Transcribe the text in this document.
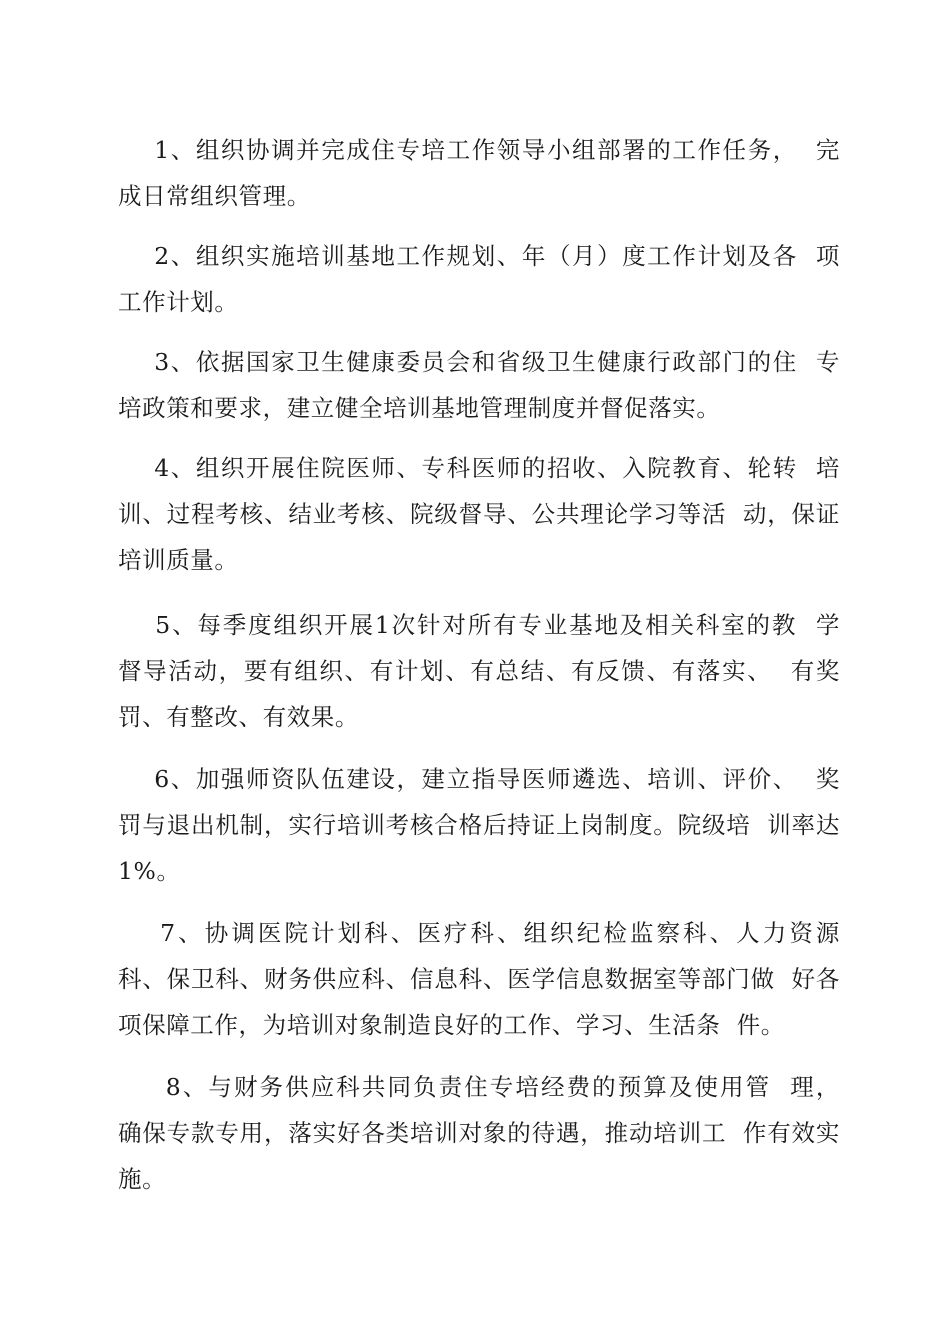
1、组织协调并完成住专培工作领导小组部署的工作任务，  完
成日常组织管理。
2、组织实施培训基地工作规划、年（月）度工作计划及各  项
工作计划。
3、依据国家卫生健康委员会和省级卫生健康行政部门的住  专
培政策和要求，建立健全培训基地管理制度并督促落实。
4、组织开展住院医师、专科医师的招收、入院教育、轮转  培
训、过程考核、结业考核、院级督导、公共理论学习等活  动，保证
培训质量。
5、每季度组织开展1次针对所有专业基地及相关科室的教  学
督导活动，要有组织、有计划、有总结、有反馈、有落实、  有奖
罚、有整改、有效果。
6、加强师资队伍建设，建立指导医师遴选、培训、评价、  奖
罚与退出机制，实行培训考核合格后持证上岗制度。院级培  训率达
1%。
7、协调医院计划科、医疗科、组织纪检监察科、人力资源
科、保卫科、财务供应科、信息科、医学信息数据室等部门做  好各
项保障工作，为培训对象制造良好的工作、学习、生活条  件。
8、与财务供应科共同负责住专培经费的预算及使用管  理，
确保专款专用，落实好各类培训对象的待遇，推动培训工  作有效实
施。
